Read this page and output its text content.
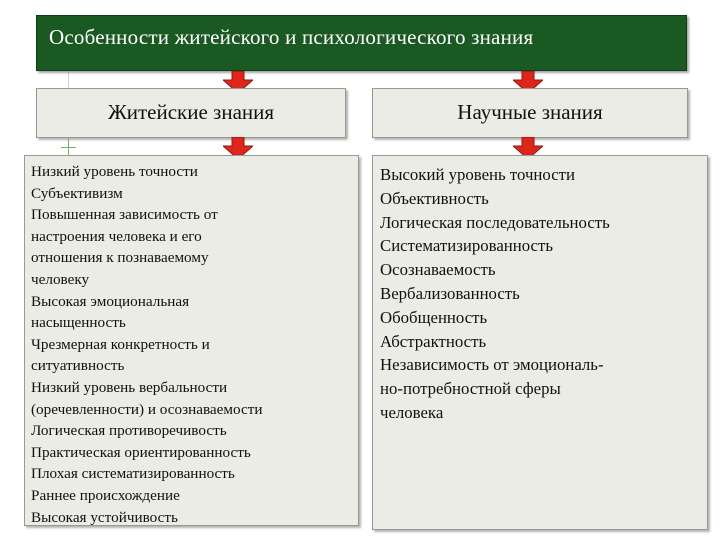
Особенности житейского и психологического знания
Житейские знания	Научные знания
Низкий уровень точности
Субъективизм
Повышенная зависимость от
настроения человека и его
отношения к познаваемому
человеку
Высокая эмоциональная
насыщенность
Чрезмерная конкретность и
ситуативность
Низкий уровень вербальности
(оречевленности) и осознаваемости
Логическая противоречивость
Практическая ориентированность
Плохая систематизированность
Раннее происхождение
Высокая устойчивость
Высокий уровень точности
Объективность
Логическая последовательность
Систематизированность
Осознаваемость
Вербализованность
Обобщенность
Абстрактность
Независимость от эмоциональ-
но-потребностной сферы
человека
